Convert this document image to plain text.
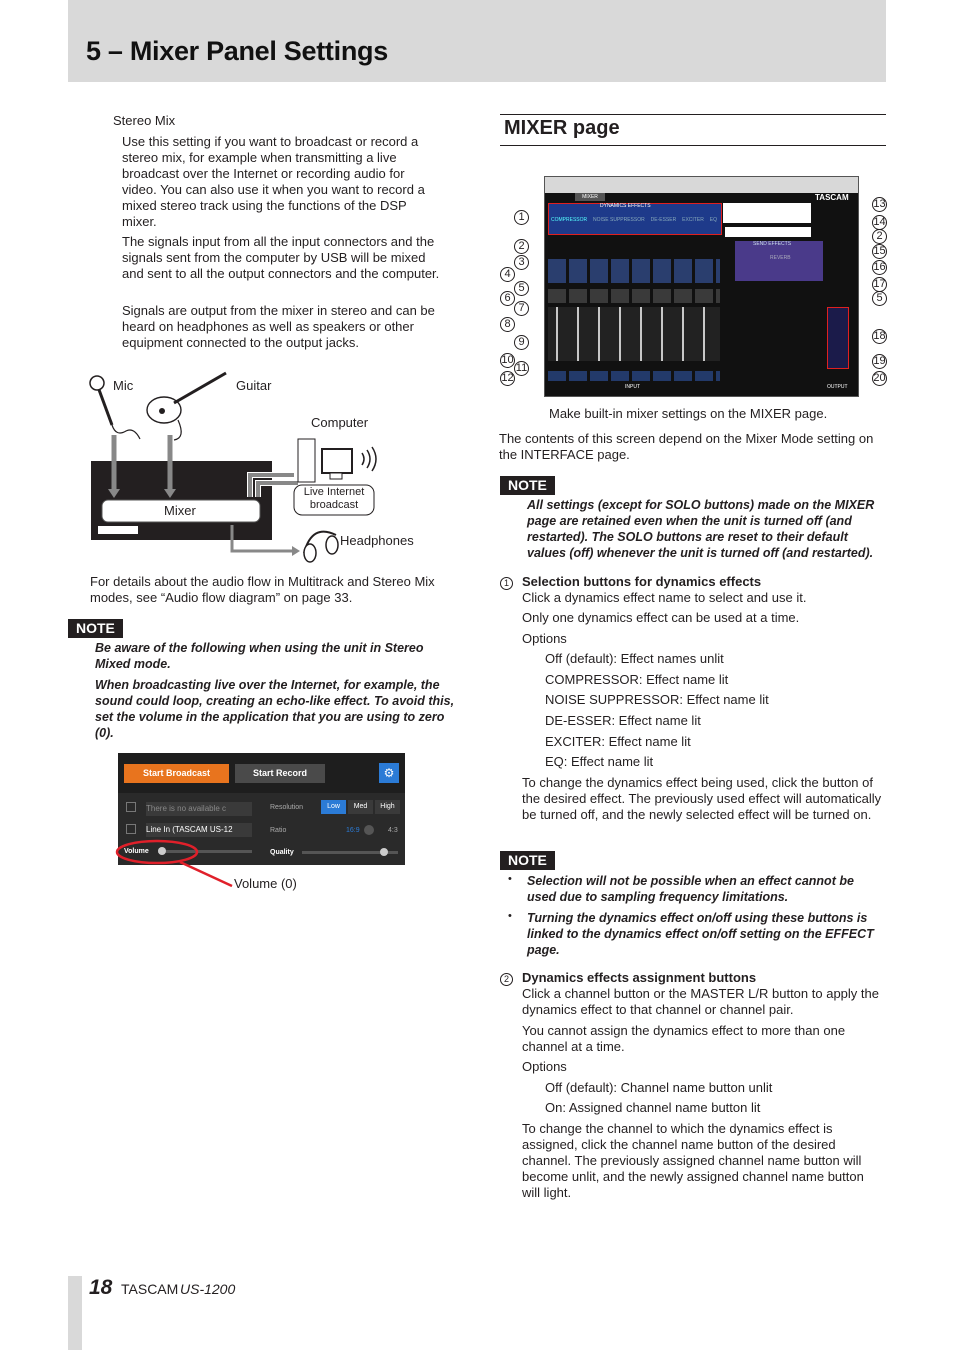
5 – Mixer Panel Settings
Stereo Mix
Use this setting if you want to broadcast or record a stereo mix, for example when transmitting a live broadcast over the Internet or recording audio for video. You can also use it when you want to record a mixed stereo track using the functions of the DSP mixer.
The signals input from all the input connectors and the signals sent from the computer by USB will be mixed and sent to all the output connectors and the computer.
Signals are output from the mixer in stereo and can be heard on headphones as well as speakers or other equipment connected to the output jacks.
Mic	Guitar
Computer
Mixer
Live Internet
broadcast
Headphones
For details about the audio flow in Multitrack and Stereo Mix modes, see “Audio flow diagram” on page 33.
NOTE
Be aware of the following when using the unit in Stereo Mixed mode.
When broadcasting live over the Internet, for example, the sound could loop, creating an echo-like effect. To avoid this, set the volume in the application that you are using to zero (0).
Start Broadcast	Start Record	⚙
There is no available c
Line In (TASCAM US-12
Volume
Resolution	Low	Med	High
Ratio	16:9	4:3
Quality
Volume (0)
MIXER page
MIXER	TASCAM
DYNAMICS EFFECTS
COMPRESSOR NOISE SUPPRESSOR DE-ESSER EXCITER EQ
SEND EFFECTS
REVERB
INPUT	OUTPUT
1
2
3
4
5
6
7
8
9
10
11
12
13
14
2
15
16
17
5
18
19
20
Make built-in mixer settings on the MIXER page.
The contents of this screen depend on the Mixer Mode setting on the INTERFACE page.
NOTE
All settings (except for SOLO buttons) made on the MIXER page are retained even when the unit is turned off (and restarted). The SOLO buttons are reset to their default values (off) whenever the unit is turned off (and restarted).
1	Selection buttons for dynamics effects
Click a dynamics effect name to select and use it.
Only one dynamics effect can be used at a time.
Options
Off (default): Effect names unlit
COMPRESSOR: Effect name lit
NOISE SUPPRESSOR: Effect name lit
DE-ESSER: Effect name lit
EXCITER: Effect name lit
EQ: Effect name lit
To change the dynamics effect being used, click the button of the desired effect. The previously used effect will automatically be turned off, and the newly selected effect will be turned on.
NOTE
• Selection will not be possible when an effect cannot be used due to sampling frequency limitations.
• Turning the dynamics effect on/off using these buttons is linked to the dynamics effect on/off setting on the EFFECT page.
2	Dynamics effects assignment buttons
Click a channel button or the MASTER L/R button to apply the dynamics effect to that channel or channel pair.
You cannot assign the dynamics effect to more than one channel at a time.
Options
Off (default): Channel name button unlit
On: Assigned channel name button lit
To change the channel to which the dynamics effect is assigned, click the channel name button of the desired channel. The previously assigned channel name button will become unlit, and the newly assigned channel name button will light.
18 TASCAM US-1200
